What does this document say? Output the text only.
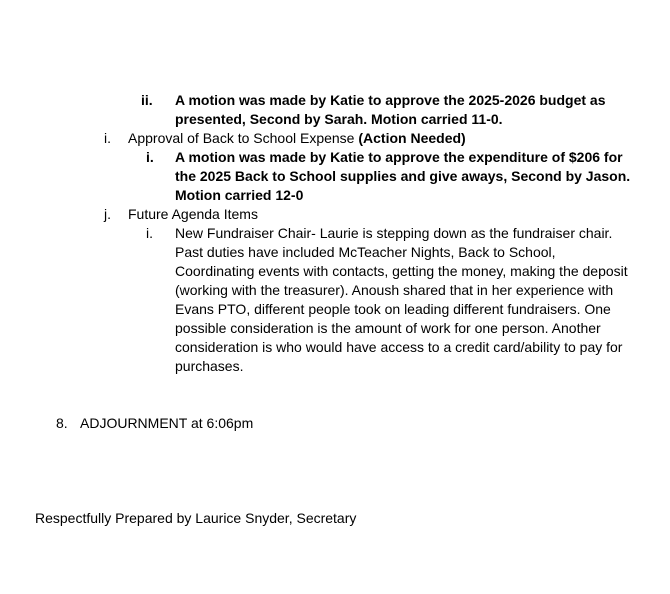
ii.	A motion was made by Katie to approve the 2025-2026 budget as presented, Second by Sarah. Motion carried 11-0.
i.	Approval of Back to School Expense (Action Needed)
i.	A motion was made by Katie to approve the expenditure of $206 for the 2025 Back to School supplies and give aways, Second by Jason. Motion carried 12-0
j.	Future Agenda Items
i.	New Fundraiser Chair- Laurie is stepping down as the fundraiser chair. Past duties have included McTeacher Nights, Back to School, Coordinating events with contacts, getting the money, making the deposit (working with the treasurer). Anoush shared that in her experience with Evans PTO, different people took on leading different fundraisers. One possible consideration is the amount of work for one person. Another consideration is who would have access to a credit card/ability to pay for purchases.
8. ADJOURNMENT at 6:06pm
Respectfully Prepared by Laurice Snyder, Secretary
